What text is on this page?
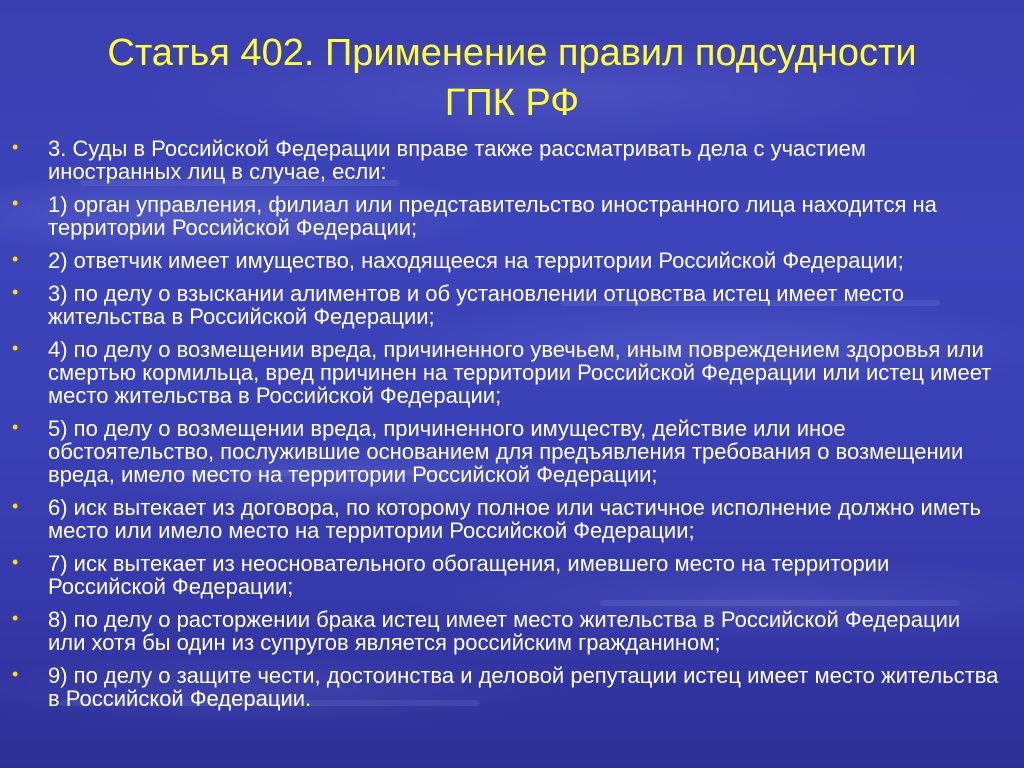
Статья 402. Применение правил подсудности
ГПК РФ
• 3. Суды в Российской Федерации вправе также рассматривать дела с участием иностранных лиц в случае, если:
• 1) орган управления, филиал или представительство иностранного лица находится на территории Российской Федерации;
• 2) ответчик имеет имущество, находящееся на территории Российской Федерации;
• 3) по делу о взыскании алиментов и об установлении отцовства истец имеет место жительства в Российской Федерации;
• 4) по делу о возмещении вреда, причиненного увечьем, иным повреждением здоровья или смертью кормильца, вред причинен на территории Российской Федерации или истец имеет место жительства в Российской Федерации;
• 5) по делу о возмещении вреда, причиненного имуществу, действие или иное обстоятельство, послужившие основанием для предъявления требования о возмещении вреда, имело место на территории Российской Федерации;
• 6) иск вытекает из договора, по которому полное или частичное исполнение должно иметь место или имело место на территории Российской Федерации;
• 7) иск вытекает из неосновательного обогащения, имевшего место на территории Российской Федерации;
• 8) по делу о расторжении брака истец имеет место жительства в Российской Федерации или хотя бы один из супругов является российским гражданином;
• 9) по делу о защите чести, достоинства и деловой репутации истец имеет место жительства в Российской Федерации.
